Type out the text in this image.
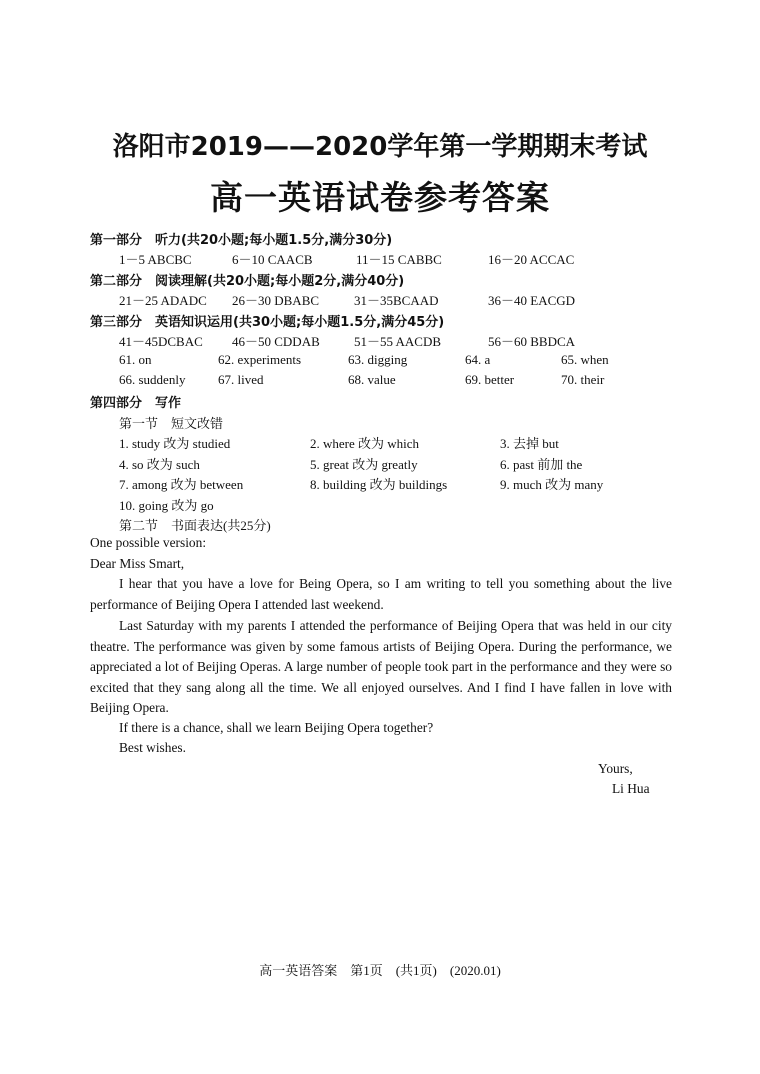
洛阳市2019——2020学年第一学期期末考试
高一英语试卷参考答案
第一部分　听力(共20小题;每小题1.5分,满分30分)
1－5 ABCBC	6－10 CAACB	11－15 CABBC	16－20 ACCAC
第二部分　阅读理解(共20小题;每小题2分,满分40分)
21－25 ADADC 26－30 DBABC	31－35BCAAD	36－40 EACGD
第三部分　英语知识运用(共30小题;每小题1.5分,满分45分)
41－45DCBAC 46－50 CDDAB	51－55 AACDB	56－60 BBDCA
61. on	62. experiments	63. digging	64. a	65. when
66. suddenly	67. lived	68. value	69. better	70. their
第四部分　写作
第一节　短文改错
1. study 改为 studied	2. where 改为 which	3. 去掉 but
4. so 改为 such	5. great 改为 greatly	6. past 前加 the
7. among 改为 between	8. building 改为 buildings	9. much 改为 many
10. going 改为 go
第二节　书面表达(共25分)
One possible version:
Dear Miss Smart,
I hear that you have a love for Being Opera, so I am writing to tell you something about the live performance of Beijing Opera I attended last weekend.
Last Saturday with my parents I attended the performance of Beijing Opera that was held in our city theatre. The performance was given by some famous artists of Beijing Opera. During the performance, we appreciated a lot of Beijing Operas. A large number of people took part in the performance and they were so excited that they sang along all the time. We all enjoyed ourselves. And I find I have fallen in love with Beijing Opera.
If there is a chance, shall we learn Beijing Opera together?
Best wishes.
Yours,
Li Hua
高一英语答案　第1页　(共1页)　(2020.01)
